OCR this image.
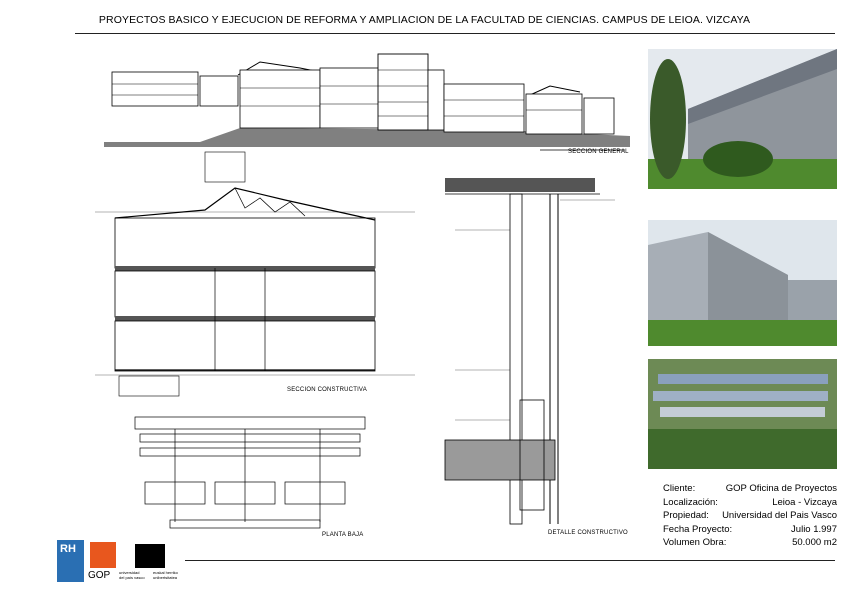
PROYECTOS BASICO Y EJECUCION DE REFORMA Y AMPLIACION DE LA FACULTAD DE CIENCIAS. CAMPUS DE LEIOA. VIZCAYA
SECCION GENERAL
SECCION CONSTRUCTIVA
PLANTA BAJA	DETALLE CONSTRUCTIVO
Cliente:	GOP Oficina de Proyectos
Localización:	Leioa - Vizcaya
Propiedad: Universidad del Pais Vasco
Fecha Proyecto:	Julio 1.997
Volumen Obra:	50.000 m2
RH
GOP	universidad
del país vasco
euskal herriko
unibertsitatea
